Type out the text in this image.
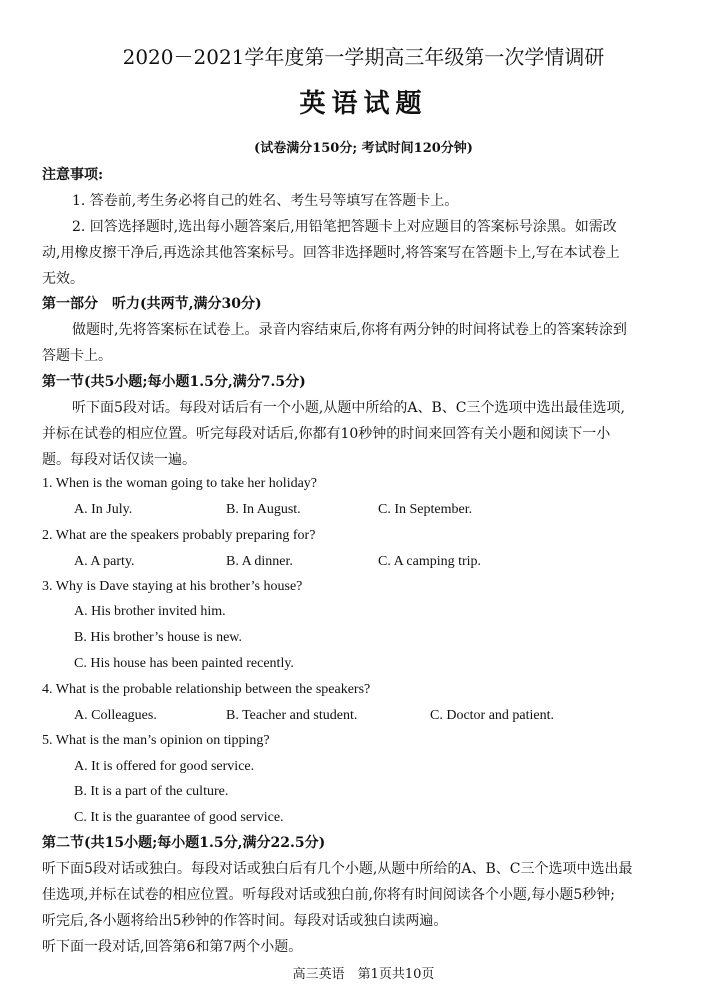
2020－2021学年度第一学期高三年级第一次学情调研
英语试题
(试卷满分150分; 考试时间120分钟)
注意事项:
1. 答卷前,考生务必将自己的姓名、考生号等填写在答题卡上。
2. 回答选择题时,选出每小题答案后,用铅笔把答题卡上对应题目的答案标号涂黑。如需改
动,用橡皮擦干净后,再选涂其他答案标号。回答非选择题时,将答案写在答题卡上,写在本试卷上
无效。
第一部分　听力(共两节,满分30分)
做题时,先将答案标在试卷上。录音内容结束后,你将有两分钟的时间将试卷上的答案转涂到
答题卡上。
第一节(共5小题;每小题1.5分,满分7.5分)
听下面5段对话。每段对话后有一个小题,从题中所给的A、B、C三个选项中选出最佳选项,
并标在试卷的相应位置。听完每段对话后,你都有10秒钟的时间来回答有关小题和阅读下一小
题。每段对话仅读一遍。
1. When is the woman going to take her holiday?
A. In July.	B. In August.	C. In September.
2. What are the speakers probably preparing for?
A. A party.	B. A dinner.	C. A camping trip.
3. Why is Dave staying at his brother’s house?
A. His brother invited him.
B. His brother’s house is new.
C. His house has been painted recently.
4. What is the probable relationship between the speakers?
A. Colleagues.	B. Teacher and student.	C. Doctor and patient.
5. What is the man’s opinion on tipping?
A. It is offered for good service.
B. It is a part of the culture.
C. It is the guarantee of good service.
第二节(共15小题;每小题1.5分,满分22.5分)
听下面5段对话或独白。每段对话或独白后有几个小题,从题中所给的A、B、C三个选项中选出最
佳选项,并标在试卷的相应位置。听每段对话或独白前,你将有时间阅读各个小题,每小题5秒钟;
听完后,各小题将给出5秒钟的作答时间。每段对话或独白读两遍。
听下面一段对话,回答第6和第7两个小题。
高三英语　第1页共10页
